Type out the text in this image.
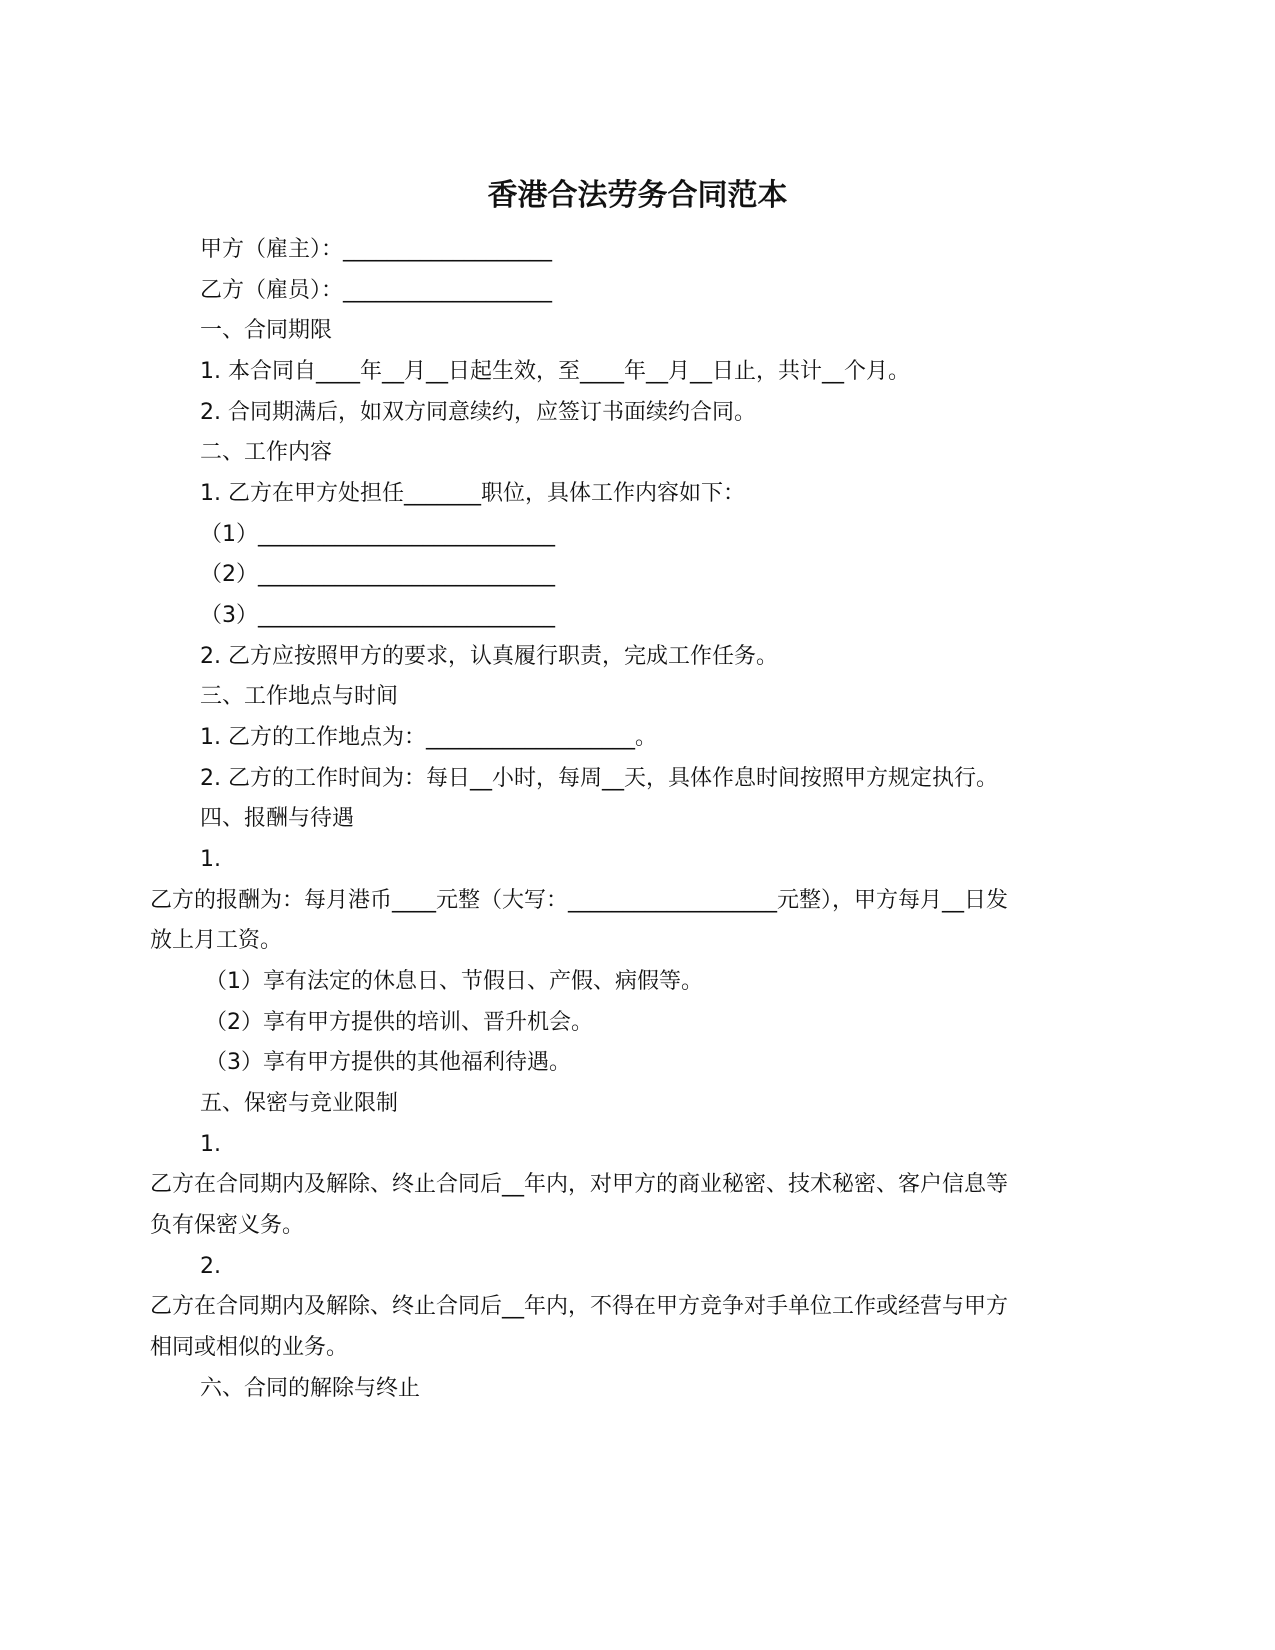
香港合法劳务合同范本
甲方（雇主）：___________________
乙方（雇员）：___________________
一、合同期限
1. 本合同自____年__月__日起生效，至____年__月__日止，共计__个月。
2. 合同期满后，如双方同意续约，应签订书面续约合同。
二、工作内容
1. 乙方在甲方处担任_______职位，具体工作内容如下：
（1）___________________________
（2）___________________________
（3）___________________________
2. 乙方应按照甲方的要求，认真履行职责，完成工作任务。
三、工作地点与时间
1. 乙方的工作地点为：___________________。
2. 乙方的工作时间为：每日__小时，每周__天，具体作息时间按照甲方规定执行。
四、报酬与待遇
1.
乙方的报酬为：每月港币____元整（大写：___________________元整），甲方每月__日发
放上月工资。
（1）享有法定的休息日、节假日、产假、病假等。
（2）享有甲方提供的培训、晋升机会。
（3）享有甲方提供的其他福利待遇。
五、保密与竞业限制
1.
乙方在合同期内及解除、终止合同后__年内，对甲方的商业秘密、技术秘密、客户信息等
负有保密义务。
2.
乙方在合同期内及解除、终止合同后__年内，不得在甲方竞争对手单位工作或经营与甲方
相同或相似的业务。
六、合同的解除与终止
